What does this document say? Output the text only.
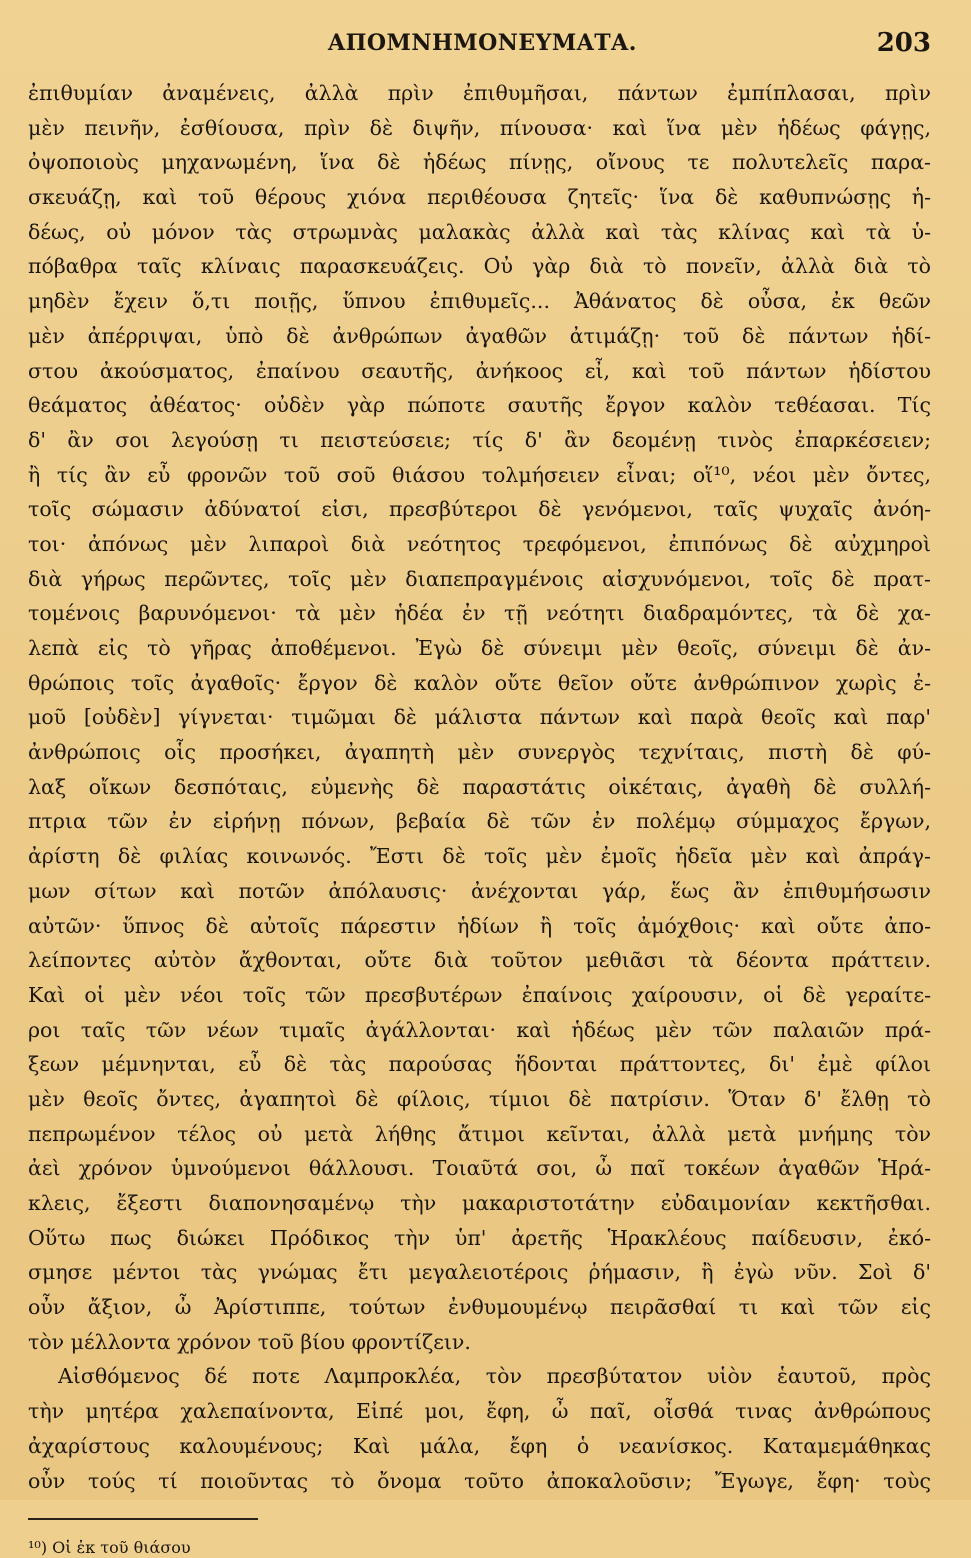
ΑΠΟΜΝΗΜΟΝΕΥΜΑΤΑ.	203
ἐπιθυμίαν ἀναμένεις, ἀλλὰ πρὶν ἐπιθυμῆσαι, πάντων ἐμπίπλασαι, πρὶν
μὲν πεινῆν, ἐσθίουσα, πρὶν δὲ διψῆν, πίνουσα· καὶ ἵνα μὲν ἡδέως φάγῃς,
ὀψοποιοὺς μηχανωμένη, ἵνα δὲ ἡδέως πίνῃς, οἴνους τε πολυτελεῖς παρα-
σκευάζῃ, καὶ τοῦ θέρους χιόνα περιθέουσα ζητεῖς· ἵνα δὲ καθυπνώσῃς ἡ-
δέως, οὐ μόνον τὰς στρωμνὰς μαλακὰς ἀλλὰ καὶ τὰς κλίνας καὶ τὰ ὑ-
πόβαθρα ταῖς κλίναις παρασκευάζεις. Οὐ γὰρ διὰ τὸ πονεῖν, ἀλλὰ διὰ τὸ
μηδὲν ἔχειν ὅ,τι ποιῇς, ὕπνου ἐπιθυμεῖς... Ἀθάνατος δὲ οὖσα, ἐκ θεῶν
μὲν ἀπέρριψαι, ὑπὸ δὲ ἀνθρώπων ἀγαθῶν ἀτιμάζῃ· τοῦ δὲ πάντων ἡδί-
στου ἀκούσματος, ἐπαίνου σεαυτῆς, ἀνήκοος εἶ, καὶ τοῦ πάντων ἡδίστου
θεάματος ἀθέατος· οὐδὲν γὰρ πώποτε σαυτῆς ἔργον καλὸν τεθέασαι. Τίς
δ' ἂν σοι λεγούσῃ τι πειστεύσειε; τίς δ' ἂν δεομένῃ τινὸς ἐπαρκέσειεν;
ἢ τίς ἂν εὖ φρονῶν τοῦ σοῦ θιάσου τολμήσειεν εἶναι; οἵ¹⁰, νέοι μὲν ὄντες,
τοῖς σώμασιν ἀδύνατοί εἰσι, πρεσβύτεροι δὲ γενόμενοι, ταῖς ψυχαῖς ἀνόη-
τοι· ἀπόνως μὲν λιπαροὶ διὰ νεότητος τρεφόμενοι, ἐπιπόνως δὲ αὐχμηροὶ
διὰ γήρως περῶντες, τοῖς μὲν διαπεπραγμένοις αἰσχυνόμενοι, τοῖς δὲ πρατ-
τομένοις βαρυνόμενοι· τὰ μὲν ἡδέα ἐν τῇ νεότητι διαδραμόντες, τὰ δὲ χα-
λεπὰ εἰς τὸ γῆρας ἀποθέμενοι. Ἐγὼ δὲ σύνειμι μὲν θεοῖς, σύνειμι δὲ ἀν-
θρώποις τοῖς ἀγαθοῖς· ἔργον δὲ καλὸν οὔτε θεῖον οὔτε ἀνθρώπινον χωρὶς ἐ-
μοῦ [οὐδὲν] γίγνεται· τιμῶμαι δὲ μάλιστα πάντων καὶ παρὰ θεοῖς καὶ παρ'
ἀνθρώποις οἷς προσήκει, ἀγαπητὴ μὲν συνεργὸς τεχνίταις, πιστὴ δὲ φύ-
λαξ οἴκων δεσπόταις, εὐμενὴς δὲ παραστάτις οἰκέταις, ἀγαθὴ δὲ συλλή-
πτρια τῶν ἐν εἰρήνῃ πόνων, βεβαία δὲ τῶν ἐν πολέμῳ σύμμαχος ἔργων,
ἀρίστη δὲ φιλίας κοινωνός. Ἔστι δὲ τοῖς μὲν ἐμοῖς ἡδεῖα μὲν καὶ ἀπράγ-
μων σίτων καὶ ποτῶν ἀπόλαυσις· ἀνέχονται γάρ, ἕως ἂν ἐπιθυμήσωσιν
αὐτῶν· ὕπνος δὲ αὐτοῖς πάρεστιν ἡδίων ἢ τοῖς ἀμόχθοις· καὶ οὔτε ἀπο-
λείποντες αὐτὸν ἄχθονται, οὔτε διὰ τοῦτον μεθιᾶσι τὰ δέοντα πράττειν.
Καὶ οἱ μὲν νέοι τοῖς τῶν πρεσβυτέρων ἐπαίνοις χαίρουσιν, οἱ δὲ γεραίτε-
ροι ταῖς τῶν νέων τιμαῖς ἀγάλλονται· καὶ ἡδέως μὲν τῶν παλαιῶν πρά-
ξεων μέμνηνται, εὖ δὲ τὰς παρούσας ἥδονται πράττοντες, δι' ἐμὲ φίλοι
μὲν θεοῖς ὄντες, ἀγαπητοὶ δὲ φίλοις, τίμιοι δὲ πατρίσιν. Ὅταν δ' ἔλθῃ τὸ
πεπρωμένον τέλος οὐ μετὰ λήθης ἄτιμοι κεῖνται, ἀλλὰ μετὰ μνήμης τὸν
ἀεὶ χρόνον ὑμνούμενοι θάλλουσι. Τοιαῦτά σοι, ὦ παῖ τοκέων ἀγαθῶν Ἡρά-
κλεις, ἔξεστι διαπονησαμένῳ τὴν μακαριστοτάτην εὐδαιμονίαν κεκτῆσθαι.
Οὕτω πως διώκει Πρόδικος τὴν ὑπ' ἀρετῆς Ἡρακλέους παίδευσιν, ἐκό-
σμησε μέντοι τὰς γνώμας ἔτι μεγαλειοτέροις ῥήμασιν, ἢ ἐγὼ νῦν. Σοὶ δ'
οὖν ἄξιον, ὦ Ἀρίστιππε, τούτων ἐνθυμουμένῳ πειρᾶσθαί τι καὶ τῶν εἰς
τὸν μέλλοντα χρόνον τοῦ βίου φροντίζειν.
Αἰσθόμενος δέ ποτε Λαμπροκλέα, τὸν πρεσβύτατον υἱὸν ἑαυτοῦ, πρὸς
τὴν μητέρα χαλεπαίνοντα, Εἰπέ μοι, ἔφη, ὦ παῖ, οἶσθά τινας ἀνθρώπους
ἀχαρίστους καλουμένους; Καὶ μάλα, ἔφη ὁ νεανίσκος. Καταμεμάθηκας
οὖν τούς τί ποιοῦντας τὸ ὄνομα τοῦτο ἀποκαλοῦσιν; Ἔγωγε, ἔφη· τοὺς

¹⁰) Οἱ ἐκ τοῦ θιάσου
